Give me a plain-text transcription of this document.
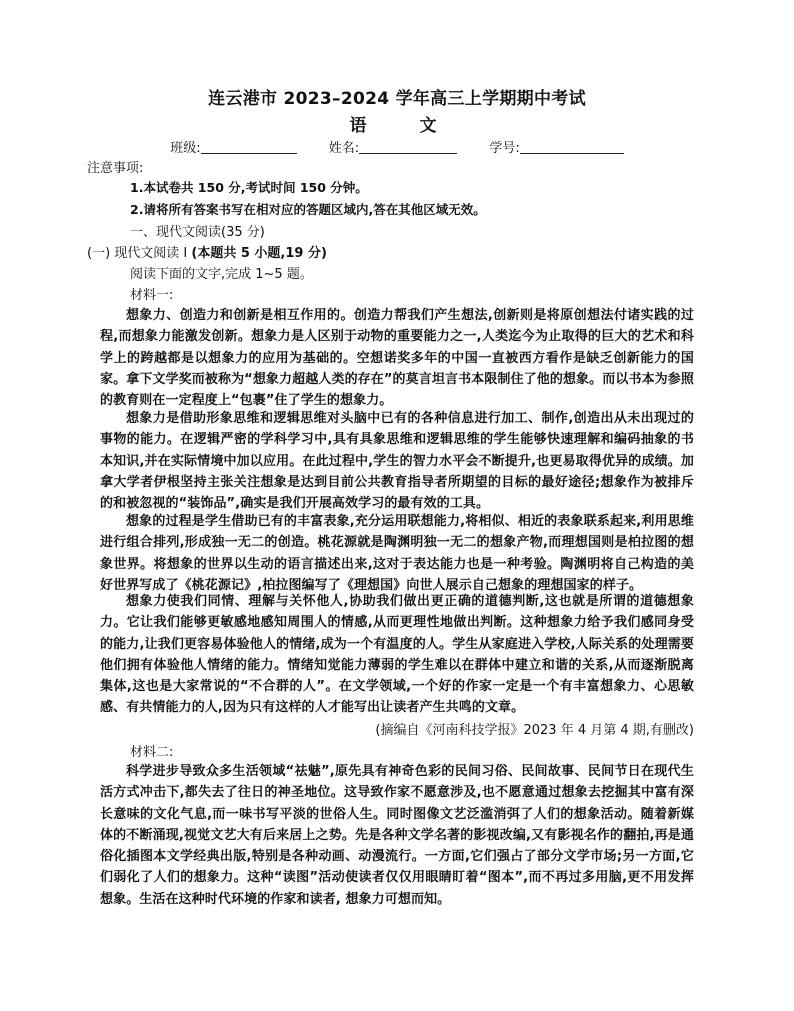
连云港市 2023–2024 学年高三上学期期中考试
语　文
班级:	姓名:	学号:
注意事项:
1.本试卷共 150 分,考试时间 150 分钟。
2.请将所有答案书写在相对应的答题区域内,答在其他区域无效。
一、现代文阅读(35 分)
(一) 现代文阅读 I (本题共 5 小题,19 分)
阅读下面的文字,完成 1~5 题。
材料一:
想象力、创造力和创新是相互作用的。创造力帮我们产生想法,创新则是将原创想法付诸实践的过程,而想象力能激发创新。想象力是人区别于动物的重要能力之一,人类迄今为止取得的巨大的艺术和科学上的跨越都是以想象力的应用为基础的。空想诺奖多年的中国一直被西方看作是缺乏创新能力的国家。拿下文学奖而被称为“想象力超越人类的存在”的莫言坦言书本限制住了他的想象。而以书本为参照的教育则在一定程度上“包裹”住了学生的想象力。
想象力是借助形象思维和逻辑思维对头脑中已有的各种信息进行加工、制作,创造出从未出现过的事物的能力。在逻辑严密的学科学习中,具有具象思维和逻辑思维的学生能够快速理解和编码抽象的书本知识,并在实际情境中加以应用。在此过程中,学生的智力水平会不断提升,也更易取得优异的成绩。加拿大学者伊根坚持主张关注想象是达到目前公共教育指导者所期望的目标的最好途径;想象作为被排斥的和被忽视的“装饰品”,确实是我们开展高效学习的最有效的工具。
想象的过程是学生借助已有的丰富表象,充分运用联想能力,将相似、相近的表象联系起来,利用思维进行组合排列,形成独一无二的创造。桃花源就是陶渊明独一无二的想象产物,而理想国则是柏拉图的想象世界。将想象的世界以生动的语言描述出来,这对于表达能力也是一种考验。陶渊明将自己构造的美好世界写成了《桃花源记》,柏拉图编写了《理想国》向世人展示自己想象的理想国家的样子。
想象力使我们同情、理解与关怀他人,协助我们做出更正确的道德判断,这也就是所谓的道德想象力。它让我们能够更敏感地感知周围人的情感,从而更理性地做出判断。这种想象力给予我们感同身受的能力,让我们更容易体验他人的情绪,成为一个有温度的人。学生从家庭进入学校,人际关系的处理需要他们拥有体验他人情绪的能力。情绪知觉能力薄弱的学生难以在群体中建立和谐的关系,从而逐渐脱离集体,这也是大家常说的“不合群的人”。在文学领域,一个好的作家一定是一个有丰富想象力、心思敏感、有共情能力的人,因为只有这样的人才能写出让读者产生共鸣的文章。
(摘编自《河南科技学报》2023 年 4 月第 4 期,有删改)
材料二:
科学进步导致众多生活领域“祛魅”,原先具有神奇色彩的民间习俗、民间故事、民间节日在现代生活方式冲击下,都失去了往日的神圣地位。这导致作家不愿意涉及,也不愿意通过想象去挖掘其中富有深长意味的文化气息,而一味书写平淡的世俗人生。同时图像文艺泛滥消弭了人们的想象活动。随着新媒体的不断涌现,视觉文艺大有后来居上之势。先是各种文学名著的影视改编,又有影视名作的翻拍,再是通俗化插图本文学经典出版,特别是各种动画、动漫流行。一方面,它们强占了部分文学市场;另一方面,它们弱化了人们的想象力。这种“读图”活动使读者仅仅用眼睛盯着“图本”,而不再过多用脑,更不用发挥想象。生活在这种时代环境的作家和读者, 想象力可想而知。
